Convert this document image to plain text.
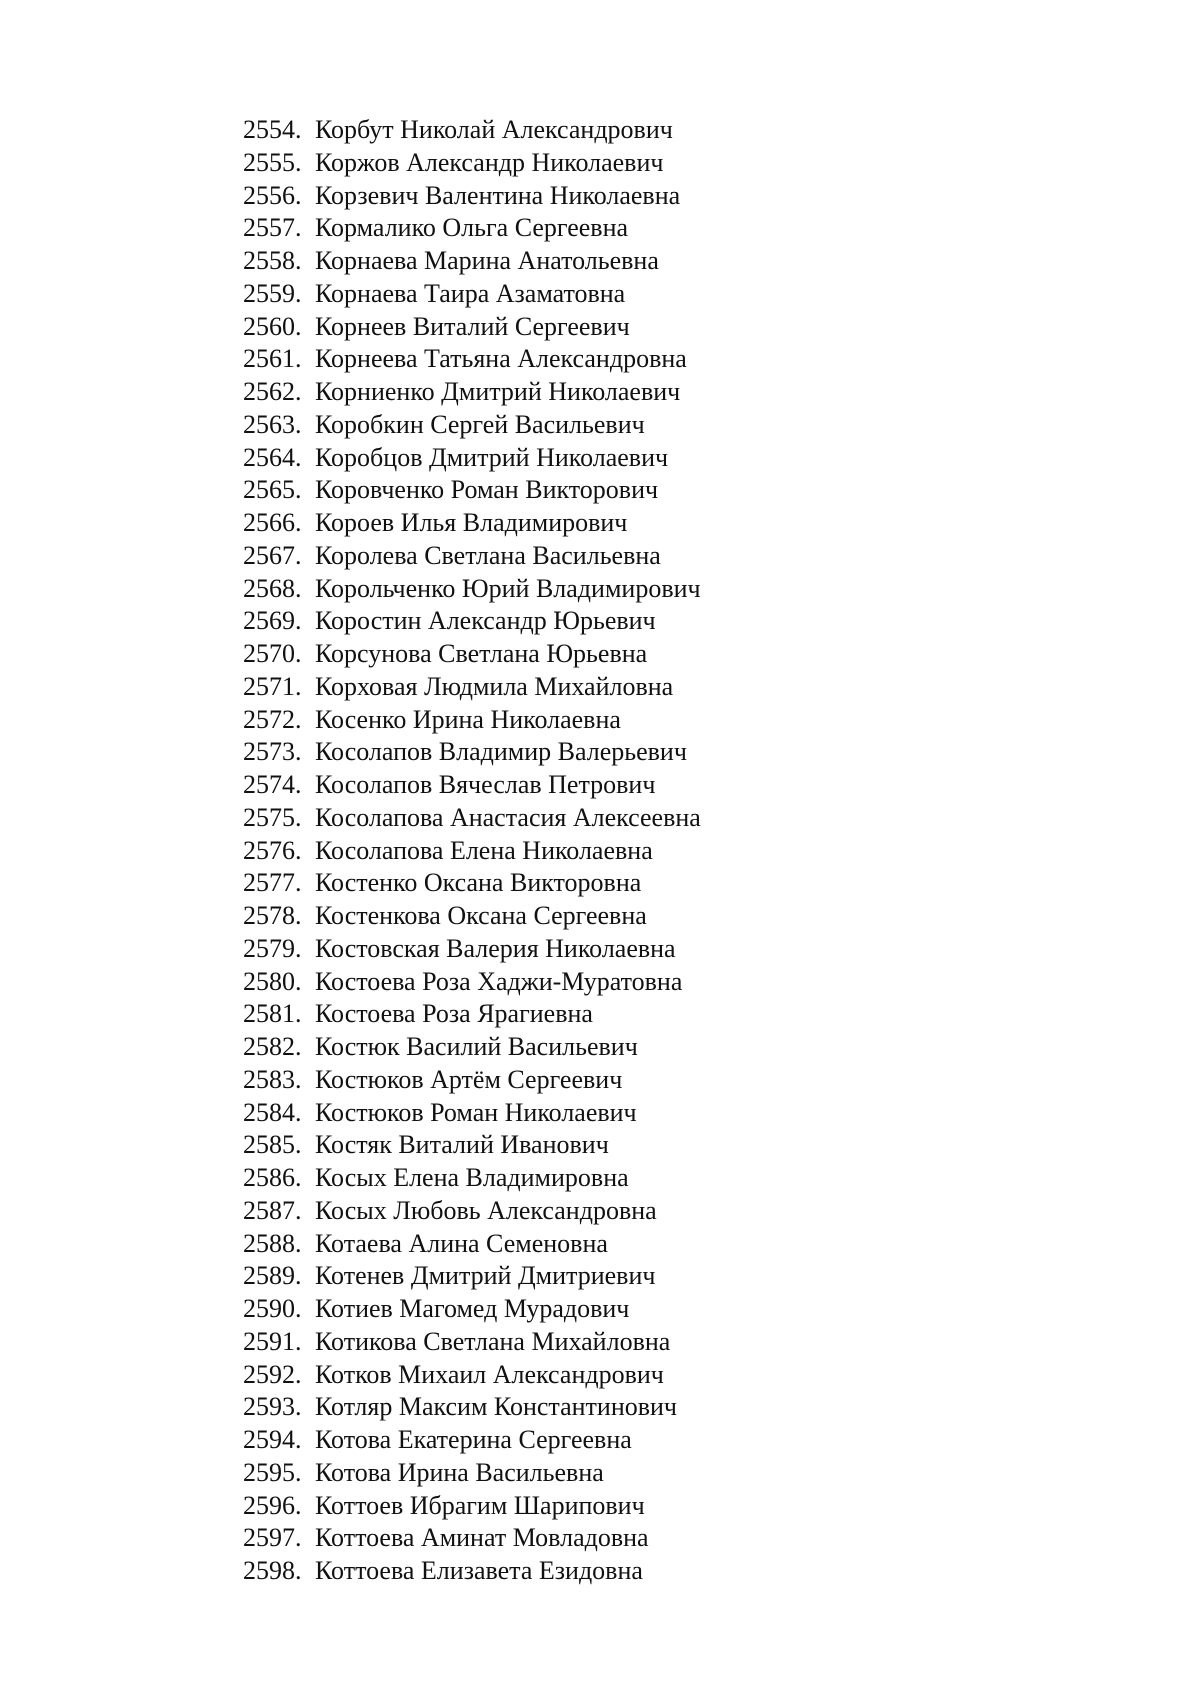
2554. Корбут Николай Александрович
2555. Коржов Александр Николаевич
2556. Корзевич Валентина Николаевна
2557. Кормалико Ольга Сергеевна
2558. Корнаева Марина Анатольевна
2559. Корнаева Таира Азаматовна
2560. Корнеев Виталий Сергеевич
2561. Корнеева Татьяна Александровна
2562. Корниенко Дмитрий Николаевич
2563. Коробкин Сергей Васильевич
2564. Коробцов Дмитрий Николаевич
2565. Коровченко Роман Викторович
2566. Короев Илья Владимирович
2567. Королева Светлана Васильевна
2568. Корольченко Юрий Владимирович
2569. Коростин Александр Юрьевич
2570. Корсунова Светлана Юрьевна
2571. Корховая Людмила Михайловна
2572. Косенко Ирина Николаевна
2573. Косолапов Владимир Валерьевич
2574. Косолапов Вячеслав Петрович
2575. Косолапова Анастасия Алексеевна
2576. Косолапова Елена Николаевна
2577. Костенко Оксана Викторовна
2578. Костенкова Оксана Сергеевна
2579. Костовская Валерия Николаевна
2580. Костоева Роза Хаджи-Муратовна
2581. Костоева Роза Ярагиевна
2582. Костюк Василий Васильевич
2583. Костюков Артём Сергеевич
2584. Костюков Роман Николаевич
2585. Костяк Виталий Иванович
2586. Косых Елена Владимировна
2587. Косых Любовь Александровна
2588. Котаева Алина Семеновна
2589. Котенев Дмитрий Дмитриевич
2590. Котиев Магомед Мурадович
2591. Котикова Светлана Михайловна
2592. Котков Михаил Александрович
2593. Котляр Максим Константинович
2594. Котова Екатерина Сергеевна
2595. Котова Ирина Васильевна
2596. Коттоев Ибрагим Шарипович
2597. Коттоева Аминат Мовладовна
2598. Коттоева Елизавета Езидовна
